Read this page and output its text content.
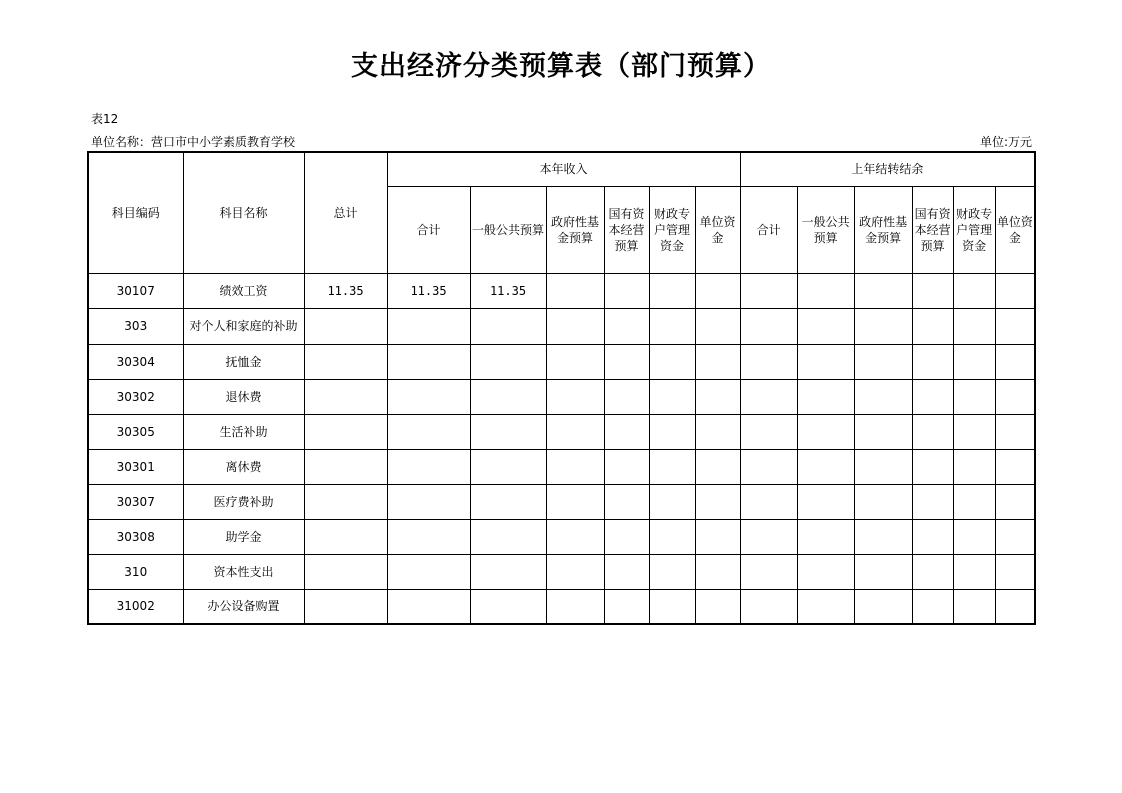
支出经济分类预算表（部门预算）
表12
单位名称：营口市中小学素质教育学校	单位:万元
科目编码	科目名称	总计	本年收入						上年结转结余					
			合计	一般公共预算	政府性基金预算	国有资本经营预算	财政专户管理资金	单位资金	合计	一般公共预算	政府性基金预算	国有资本经营预算	财政专户管理资金	单位资金
30107	绩效工资	11.35	11.35	11.35										
303	对个人和家庭的补助													
30304	抚恤金													
30302	退休费													
30305	生活补助													
30301	离休费													
30307	医疗费补助													
30308	助学金													
310	资本性支出													
31002	办公设备购置													
